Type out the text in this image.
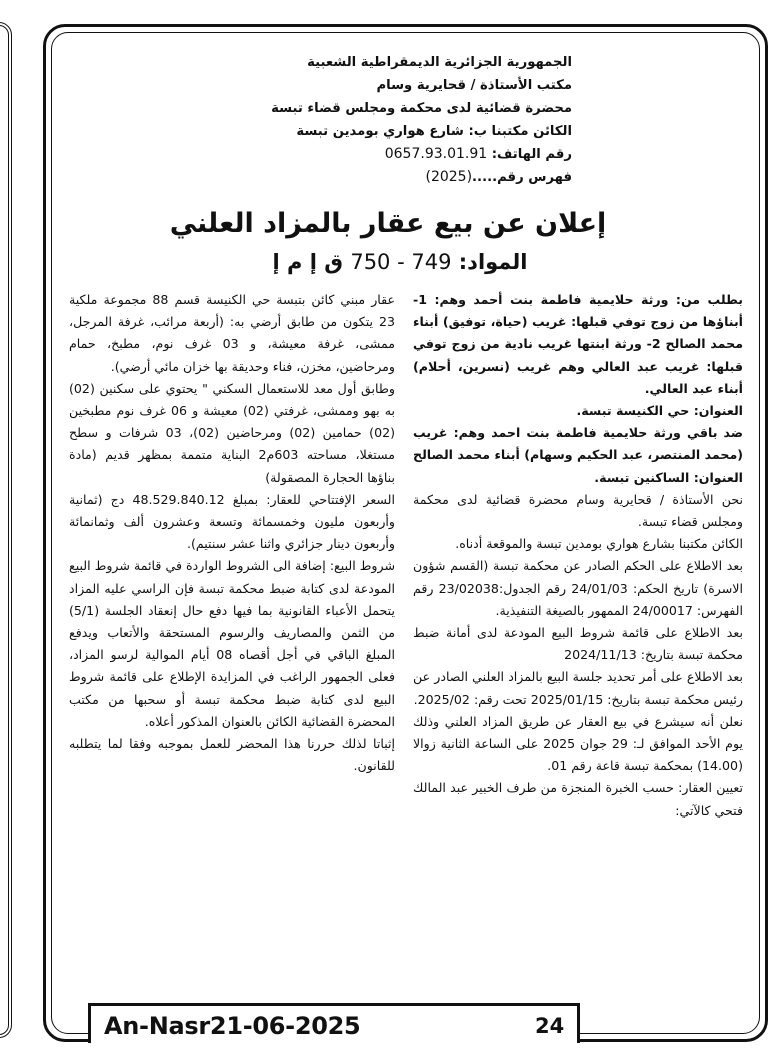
الجمهورية الجزائرية الديمقراطية الشعبية
مكتب الأستاذة / قحايرية وسام
محضرة قضائية لدى محكمة ومجلس قضاء تبسة
الكائن مكتبنا ب: شارع هواري بومدين تبسة
رقم الهاتف: 0657.93.01.91
فهرس رقم.....(2025)
إعلان عن بيع عقار بالمزاد العلني
المواد: 749 - 750 ق إ م إ

بطلب من: ورثة حلايمية فاطمة بنت أحمد وهم: 1- أبناؤها من زوج توفي قبلها: غريب (حياة، توفيق) أبناء محمد الصالح 2- ورثة ابنتها غريب نادية من زوج توفي قبلها: غريب عبد العالي وهم غريب (نسرين، أحلام) أبناء عبد العالي.

العنوان: حي الكنيسة تبسة.

ضد باقي ورثة حلايمية فاطمة بنت احمد وهم: غريب (محمد المنتصر، عبد الحكيم وسهام) أبناء محمد الصالح العنوان: الساكنين تبسة.

نحن الأستاذة / قحايرية وسام محضرة قضائية لدى محكمة ومجلس قضاء تبسة.

الكائن مكتبنا بشارع هواري بومدين تبسة والموقعة أدناه.

بعد الاطلاع على الحكم الصادر عن محكمة تبسة (القسم شؤون الاسرة) تاريخ الحكم: 24/01/03 رقم الجدول:23/02038 رقم الفهرس: 24/00017 الممهور بالصيغة التنفيذية.

بعد الاطلاع على قائمة شروط البيع المودعة لدى أمانة ضبط محكمة تبسة بتاريخ: 2024/11/13

بعد الاطلاع على أمر تحديد جلسة البيع بالمزاد العلني الصادر عن رئيس محكمة تبسة بتاريخ: 2025/01/15 تحت رقم: 2025/02.

نعلن أنه سيشرع في بيع العقار عن طريق المزاد العلني وذلك يوم الأحد الموافق لـ: 29 جوان 2025 على الساعة الثانية زوالا (14.00) بمحكمة تبسة قاعة رقم 01.

تعيين العقار: حسب الخبرة المنجزة من طرف الخبير عبد المالك فتحي كالآتي:

عقار مبني كائن بتبسة حي الكنيسة قسم 88 مجموعة ملكية 23 يتكون من طابق أرضي به: (أربعة مرائب، غرفة المرجل، ممشى، غرفة معيشة، و 03 غرف نوم، مطبخ، حمام ومرحاضين، مخزن، فناء وحديقة بها خزان مائي أرضي).

وطابق أول معد للاستعمال السكني " يحتوي على سكنين (02) به بهو وممشى، غرفتي (02) معيشة و 06 غرف نوم مطبخين (02) حمامين (02) ومرحاضين (02)، 03 شرفات و سطح مستغلا، مساحته 603م2 البناية متممة بمظهر قديم (مادة بناؤها الحجارة المصقولة)

السعر الإفتتاحي للعقار: بمبلغ 48.529.840.12 دج (ثمانية وأربعون مليون وخمسمائة وتسعة وعشرون ألف وثمانمائة وأربعون دينار جزائري واثنا عشر سنتيم).

شروط البيع: إضافة الى الشروط الواردة في قائمة شروط البيع المودعة لدى كتابة ضبط محكمة تبسة فإن الراسي عليه المزاد يتحمل الأعباء القانونية بما فيها دفع حال إنعقاد الجلسة (5/1) من الثمن والمصاريف والرسوم المستحقة والأتعاب ويدفع المبلغ الباقي في أجل أقصاه 08 أيام الموالية لرسو المزاد، فعلى الجمهور الراغب في المزايدة الإطلاع على قائمة شروط البيع لدى كتابة ضبط محكمة تبسة أو سحبها من مكتب المحضرة القضائية الكائن بالعنوان المذكور أعلاه.

إثباتا لذلك حررنا هذا المحضر للعمل بموجبه وفقا لما يتطلبه للقانون.

An-Nasr21-06-2025	24
